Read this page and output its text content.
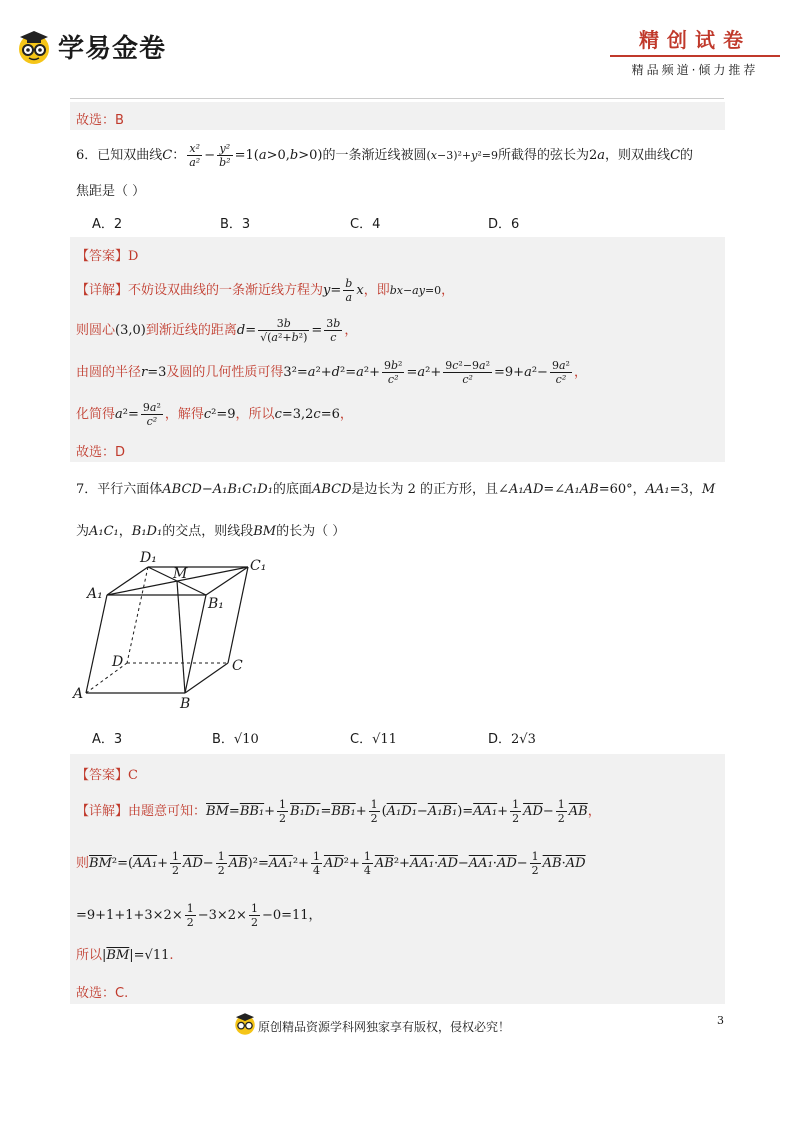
学易金卷	精创试卷
精品频道·倾力推荐
故选：B
6．已知双曲线C： $\frac{\text{x²}}{\text{a²}} - \frac{\text{y²}}{\text{b²}} =1(a>0,b>0)$的一条渐近线被圆(x−3)²+y²=9所截得的弦长为2a，则双曲线C的
焦距是（ ）
A．2	B．3	C．4	D．6
【答案】D
【详解】不妨设双曲线的一条渐近线方程为$y= \frac{b}{a}$ x，即bx−ay=0，
则圆心(3,0)到渐近线的距离$d= \frac{3b}{\text{√(a²+b²)}} = \frac{3b}{c}$ ，
由圆的半径r=3及圆的几何性质可得$3^2=a^2+d^2=a^2+ \frac{\text{9b²}}{\text{c²}} =a^2+ \frac{\text{9c²−9a²}}{\text{c²}} =9+a^2- \frac{\text{9a²}}{\text{c²}}$ ，
化简得$a^2= \frac{\text{9a²}}{\text{c²}}$ ，解得c²=9，所以c=3,2c=6，
故选：D
7．平行六面体ABCD−A₁B₁C₁D₁的底面ABCD是边长为 2 的正方形，且∠A₁AD=∠A₁AB=60°，AA₁=3，M
为A₁C₁，B₁D₁的交点，则线段BM的长为（ ）
D₁
M	C₁
A₁
B₁
D	C
A
B
A．3	B．√10	C．√11	D．2√3
【答案】C
【详解】由题意可知：$\overline{BM}=BB_1+ \frac{1}{2} B_1D_1=BB_1+ \frac{1}{2} (A_1D_1-A_1B_1)=AA_1+ \frac{1}{2} \overline{AD}- \frac{1}{2} \overline{AB}$，
则$\overline{BM}^2=(AA_1+ \frac{1}{2} \overline{AD}- \frac{1}{2} \overline{AB})^2=AA_1^2+ \frac{1}{4} \overline{AD}^2+ \frac{1}{4} \overline{AB}^2+AA_1\cdot\overline{AD}-AA_1\cdot\overline{AD}- \frac{1}{2} \overline{AB}\cdot\overline{AD}$
$=9+1+1+3\times 2\times \frac{1}{2} -3\times 2\times \frac{1}{2} -0=11$，
所以$|\overline{BM}|=√11$.
故选：C.
原创精品资源学科网独家享有版权，侵权必究！	3
